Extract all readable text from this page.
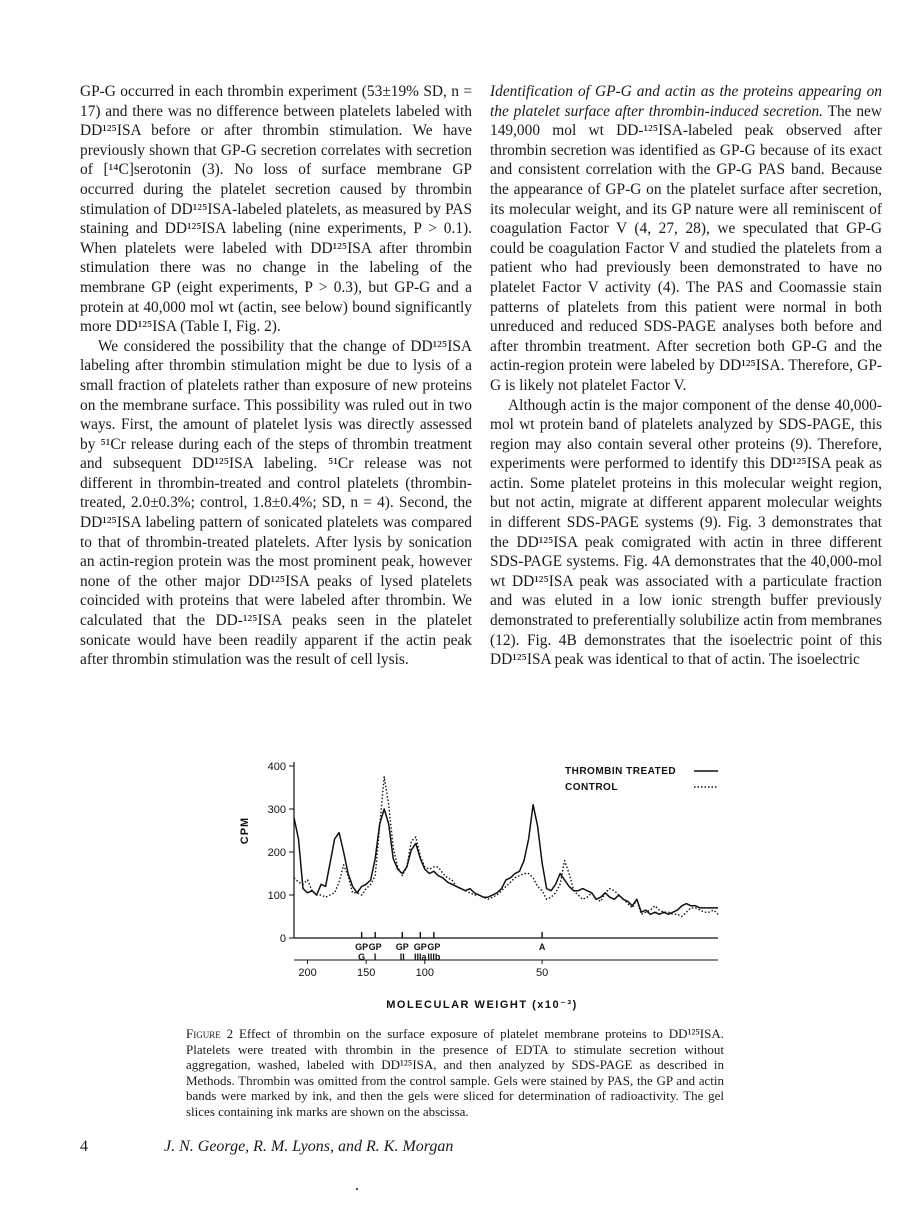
GP-G occurred in each thrombin experiment (53±19% SD, n = 17) and there was no difference between platelets labeled with DD¹²⁵ISA before or after thrombin stimulation. We have previously shown that GP-G secretion correlates with secretion of [¹⁴C]serotonin (3). No loss of surface membrane GP occurred during the platelet secretion caused by thrombin stimulation of DD¹²⁵ISA-labeled platelets, as measured by PAS staining and DD¹²⁵ISA labeling (nine experiments, P > 0.1). When platelets were labeled with DD¹²⁵ISA after thrombin stimulation there was no change in the labeling of the membrane GP (eight experiments, P > 0.3), but GP-G and a protein at 40,000 mol wt (actin, see below) bound significantly more DD¹²⁵ISA (Table I, Fig. 2).

We considered the possibility that the change of DD¹²⁵ISA labeling after thrombin stimulation might be due to lysis of a small fraction of platelets rather than exposure of new proteins on the membrane surface. This possibility was ruled out in two ways. First, the amount of platelet lysis was directly assessed by ⁵¹Cr release during each of the steps of thrombin treatment and subsequent DD¹²⁵ISA labeling. ⁵¹Cr release was not different in thrombin-treated and control platelets (thrombin-treated, 2.0±0.3%; control, 1.8±0.4%; SD, n = 4). Second, the DD¹²⁵ISA labeling pattern of sonicated platelets was compared to that of thrombin-treated platelets. After lysis by sonication an actin-region protein was the most prominent peak, however none of the other major DD¹²⁵ISA peaks of lysed platelets coincided with proteins that were labeled after thrombin. We calculated that the DD-¹²⁵ISA peaks seen in the platelet sonicate would have been readily apparent if the actin peak after thrombin stimulation was the result of cell lysis.

Identification of GP-G and actin as the proteins appearing on the platelet surface after thrombin-induced secretion. The new 149,000 mol wt DD-¹²⁵ISA-labeled peak observed after thrombin secretion was identified as GP-G because of its exact and consistent correlation with the GP-G PAS band. Because the appearance of GP-G on the platelet surface after secretion, its molecular weight, and its GP nature were all reminiscent of coagulation Factor V (4, 27, 28), we speculated that GP-G could be coagulation Factor V and studied the platelets from a patient who had previously been demonstrated to have no platelet Factor V activity (4). The PAS and Coomassie stain patterns of platelets from this patient were normal in both unreduced and reduced SDS-PAGE analyses both before and after thrombin treatment. After secretion both GP-G and the actin-region protein were labeled by DD¹²⁵ISA. Therefore, GP-G is likely not platelet Factor V.

Although actin is the major component of the dense 40,000-mol wt protein band of platelets analyzed by SDS-PAGE, this region may also contain several other proteins (9). Therefore, experiments were performed to identify this DD¹²⁵ISA peak as actin. Some platelet proteins in this molecular weight region, but not actin, migrate at different apparent molecular weights in different SDS-PAGE systems (9). Fig. 3 demonstrates that the DD¹²⁵ISA peak comigrated with actin in three different SDS-PAGE systems. Fig. 4A demonstrates that the 40,000-mol wt DD¹²⁵ISA peak was associated with a particulate fraction and was eluted in a low ionic strength buffer previously demonstrated to preferentially solubilize actin from membranes (12). Fig. 4B demonstrates that the isoelectric point of this DD¹²⁵ISA peak was identical to that of actin. The isoelectric

0
100
200
300
400
CPM
200	150	100	50
MOLECULAR WEIGHT (x10⁻³)
GP
G
GP
I
GP
II
GP
IIIa
GP
IIIb
A
THROMBIN TREATED
CONTROL
Figure 2 Effect of thrombin on the surface exposure of platelet membrane proteins to DD¹²⁵ISA. Platelets were treated with thrombin in the presence of EDTA to stimulate secretion without aggregation, washed, labeled with DD¹²⁵ISA, and then analyzed by SDS-PAGE as described in Methods. Thrombin was omitted from the control sample. Gels were stained by PAS, the GP and actin bands were marked by ink, and then the gels were sliced for determination of radioactivity. The gel slices containing ink marks are shown on the abscissa.
4	J. N. George, R. M. Lyons, and R. K. Morgan
